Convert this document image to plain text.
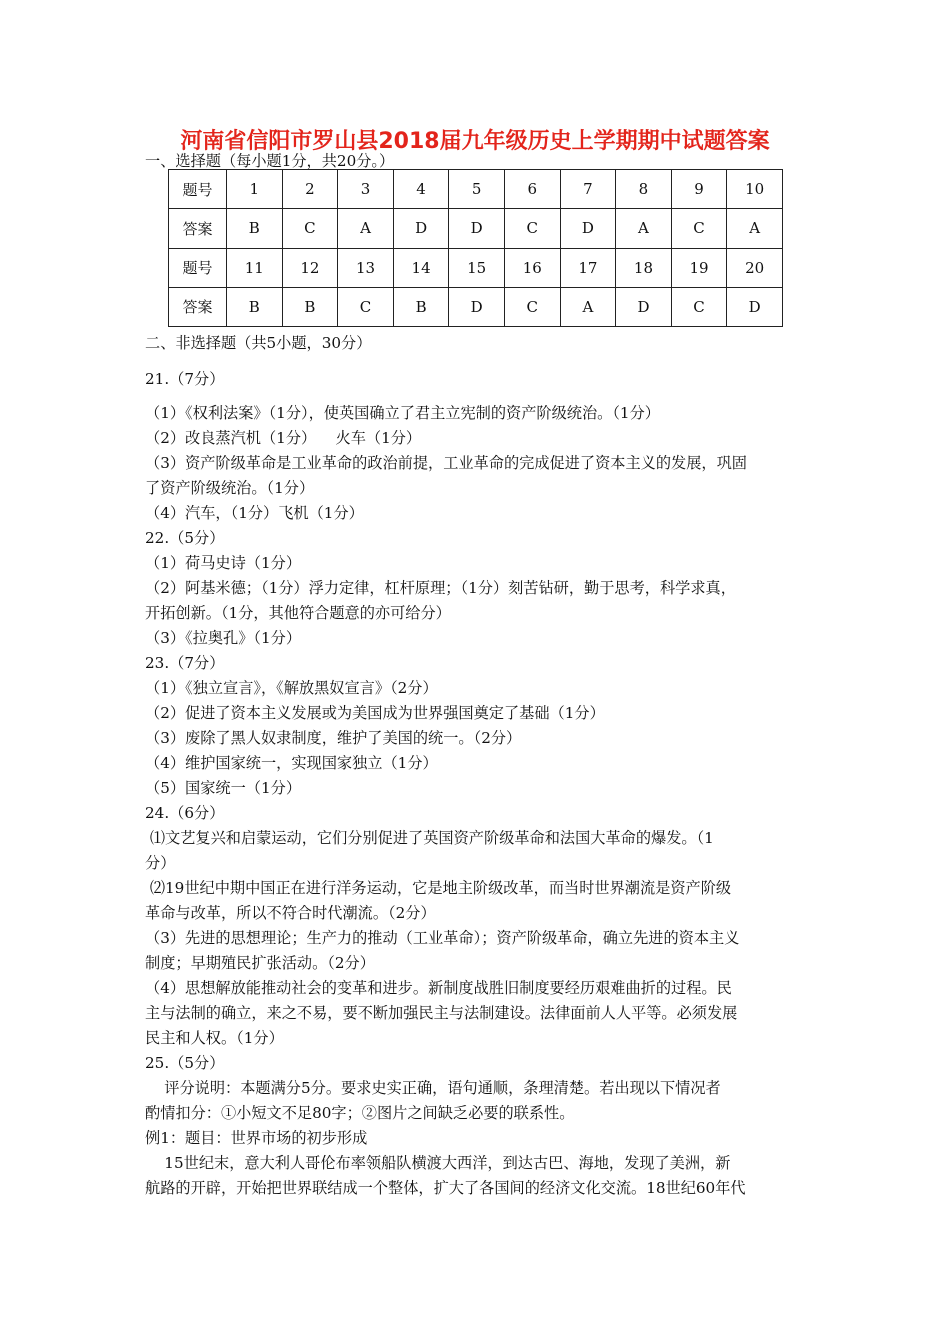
河南省信阳市罗山县2018届九年级历史上学期期中试题答案
一、选择题（每小题1分，共20分。）
题号	1	2	3	4	5	6	7	8	9	10
答案	B	C	A	D	D	C	D	A	C	A
题号	11	12	13	14	15	16	17	18	19	20
答案	B	B	C	B	D	C	A	D	C	D
二、非选择题（共5小题，30分）
21.（7分）
（1）《权利法案》（1分），使英国确立了君主立宪制的资产阶级统治。（1分）
（2）改良蒸汽机（1分）    火车（1分）
（3）资产阶级革命是工业革命的政治前提，工业革命的完成促进了资本主义的发展，巩固
了资产阶级统治。（1分）
（4）汽车，（1分）飞机（1分）
22.（5分）
（1）荷马史诗（1分）
（2）阿基米德；（1分）浮力定律，杠杆原理；（1分）刻苦钻研，勤于思考，科学求真，
开拓创新。（1分，其他符合题意的亦可给分）
（3）《拉奥孔》（1分）
23.（7分）
（1）《独立宣言》，《解放黑奴宣言》（2分）
（2）促进了资本主义发展或为美国成为世界强国奠定了基础（1分）
（3）废除了黑人奴隶制度，维护了美国的统一。（2分）
（4）维护国家统一，实现国家独立（1分）
（5）国家统一（1分）
24.（6分）
⑴文艺复兴和启蒙运动，它们分别促进了英国资产阶级革命和法国大革命的爆发。（1
分）
⑵19世纪中期中国正在进行洋务运动，它是地主阶级改革，而当时世界潮流是资产阶级
革命与改革，所以不符合时代潮流。（2分）
（3）先进的思想理论；生产力的推动（工业革命）；资产阶级革命，确立先进的资本主义
制度；早期殖民扩张活动。（2分）
（4）思想解放能推动社会的变革和进步。新制度战胜旧制度要经历艰难曲折的过程。民
主与法制的确立，来之不易，要不断加强民主与法制建设。法律面前人人平等。必须发展
民主和人权。（1分）
25.（5分）
评分说明：本题满分5分。要求史实正确，语句通顺，条理清楚。若出现以下情况者
酌情扣分：①小短文不足80字；②图片之间缺乏必要的联系性。
例1：题目：世界市场的初步形成
15世纪末，意大利人哥伦布率领船队横渡大西洋，到达古巴、海地，发现了美洲，新
航路的开辟，开始把世界联结成一个整体，扩大了各国间的经济文化交流。18世纪60年代
